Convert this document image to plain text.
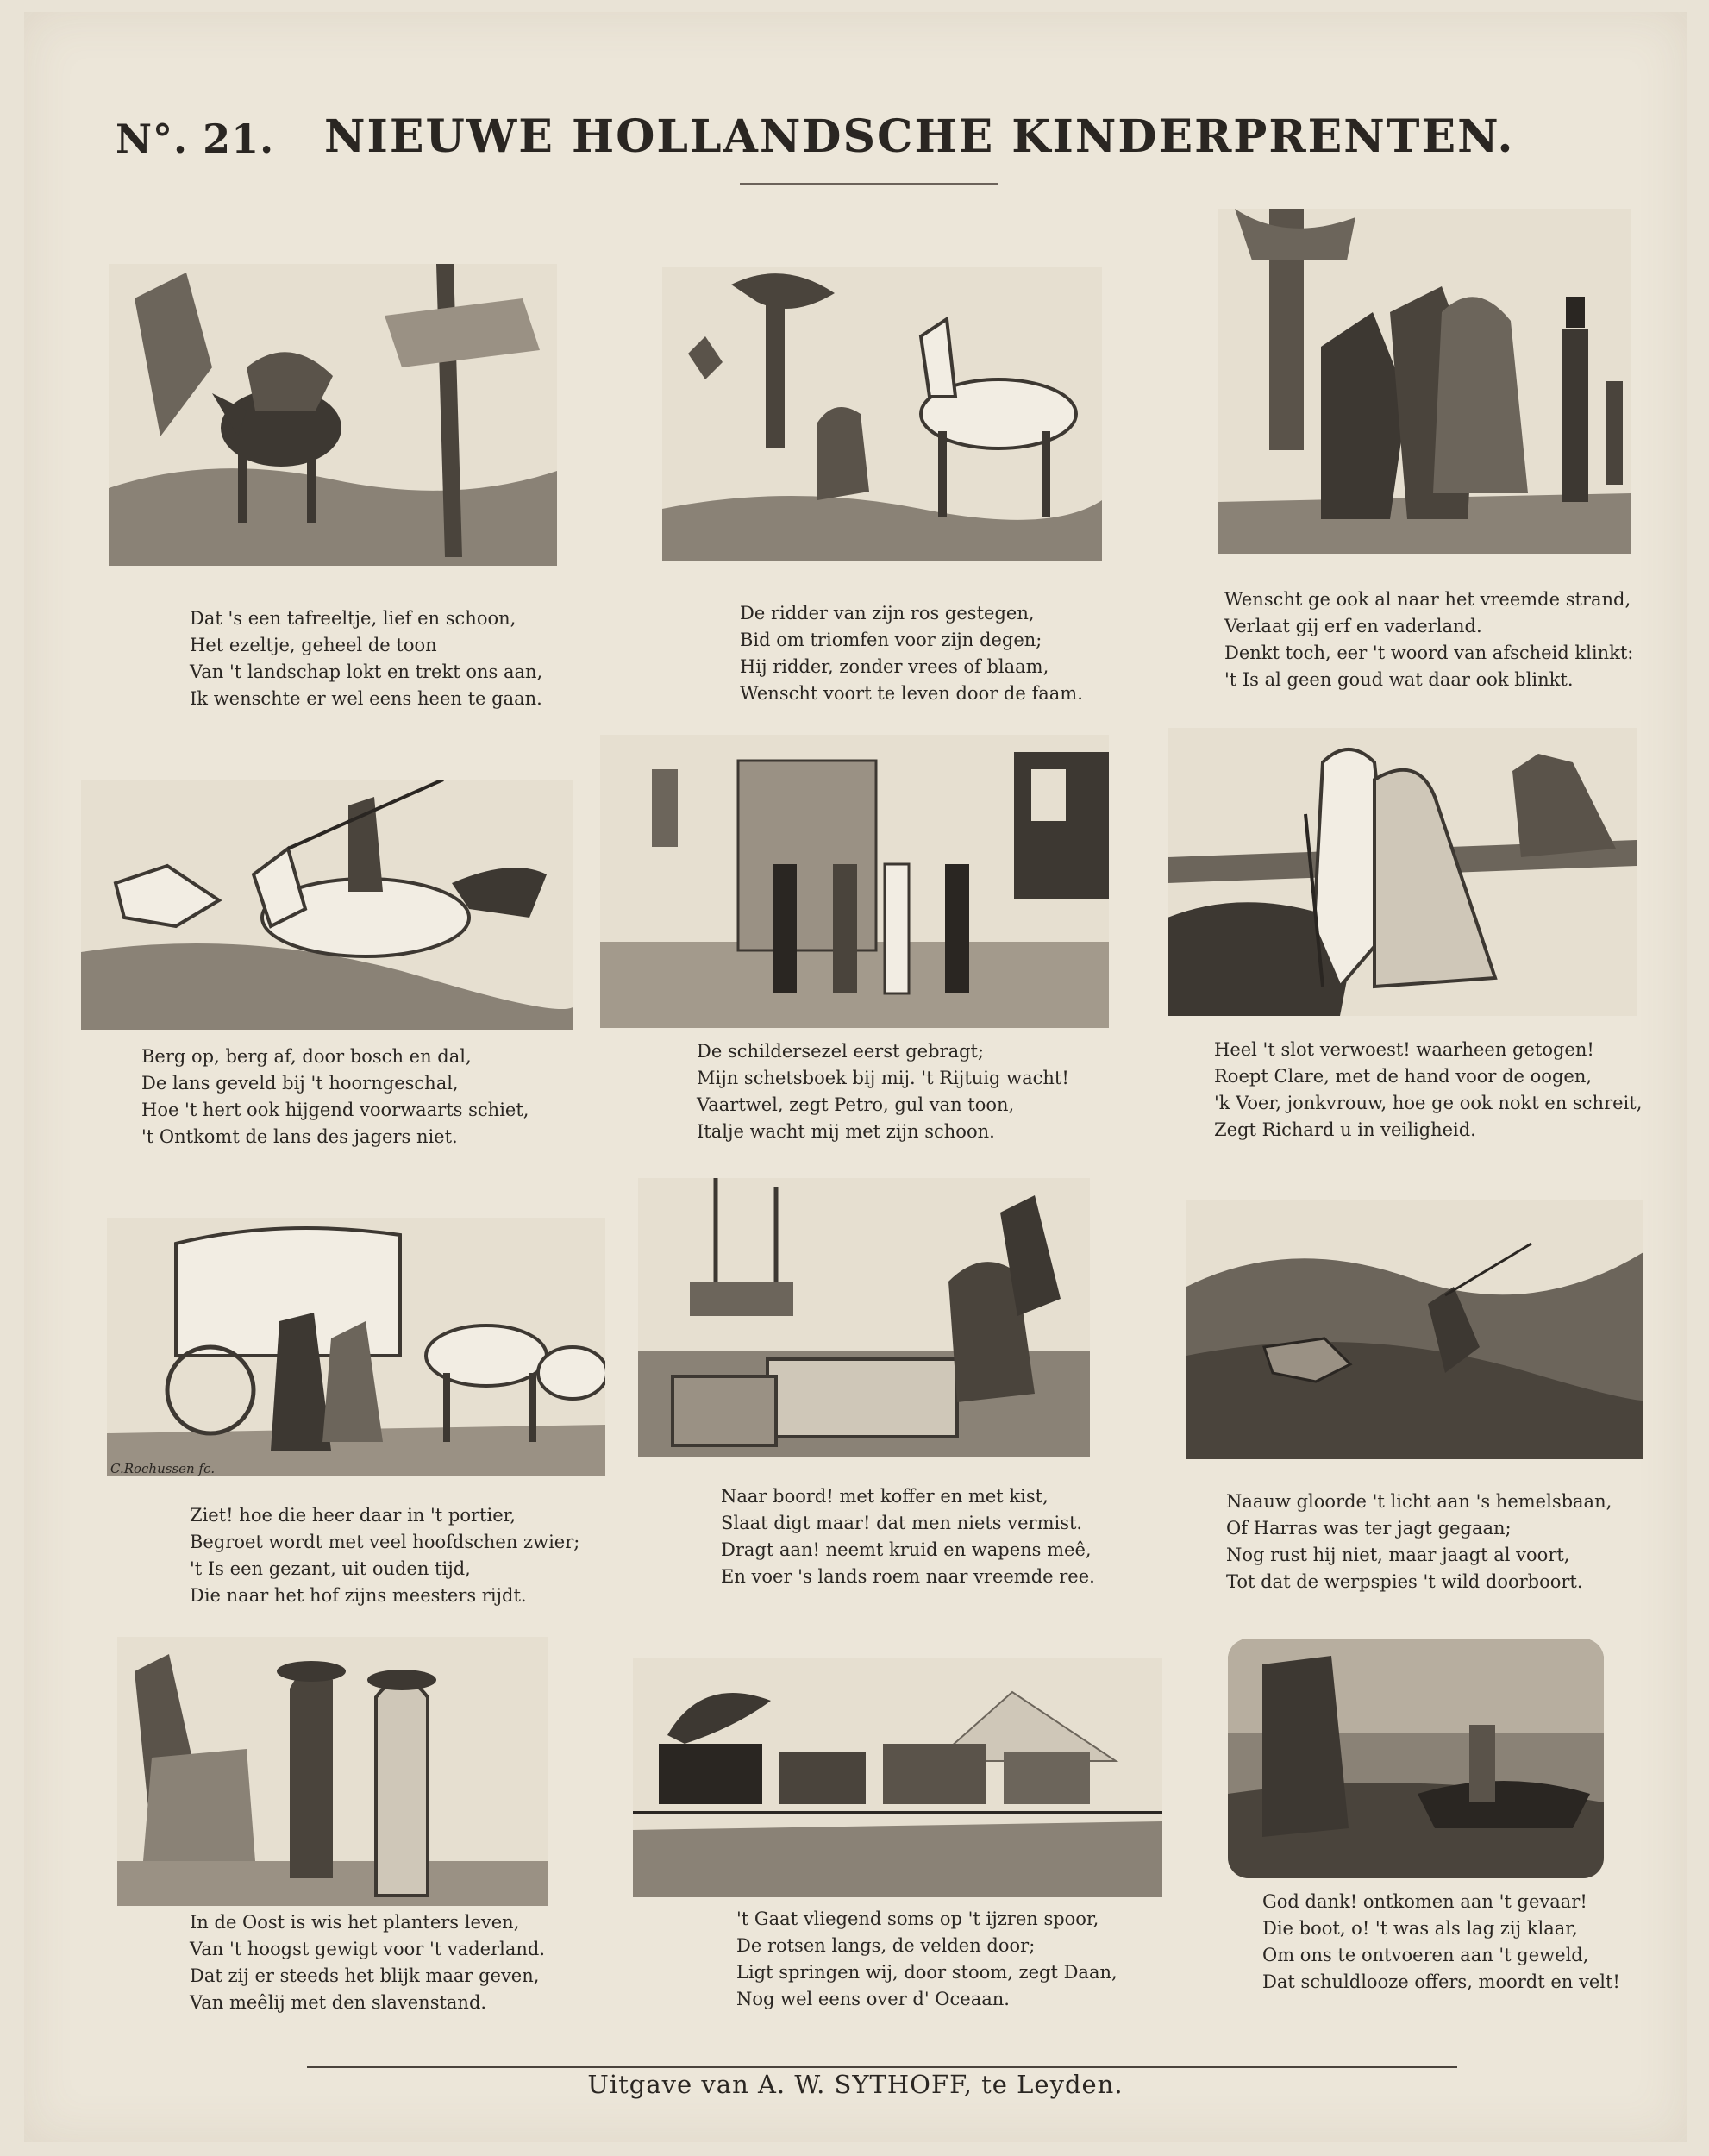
N°. 21. NIEUWE HOLLANDSCHE KINDERPRENTEN.
Dat 's een tafreeltje, lief en schoon,
Het ezeltje, geheel de toon
Van 't landschap lokt en trekt ons aan,
Ik wenschte er wel eens heen te gaan.
De ridder van zijn ros gestegen,
Bid om triomfen voor zijn degen;
Hij ridder, zonder vrees of blaam,
Wenscht voort te leven door de faam.
Wenscht ge ook al naar het vreemde strand,
Verlaat gij erf en vaderland.
Denkt toch, eer 't woord van afscheid klinkt:
't Is al geen goud wat daar ook blinkt.
Berg op, berg af, door bosch en dal,
De lans geveld bij 't hoorngeschal,
Hoe 't hert ook hijgend voorwaarts schiet,
't Ontkomt de lans des jagers niet.
De schildersezel eerst gebragt;
Mijn schetsboek bij mij. 't Rijtuig wacht!
Vaartwel, zegt Petro, gul van toon,
Italje wacht mij met zijn schoon.
Heel 't slot verwoest! waarheen getogen!
Roept Clare, met de hand voor de oogen,
'k Voer, jonkvrouw, hoe ge ook nokt en schreit,
Zegt Richard u in veiligheid.
C.Rochussen fc.
Ziet! hoe die heer daar in 't portier,
Begroet wordt met veel hoofdschen zwier;
't Is een gezant, uit ouden tijd,
Die naar het hof zijns meesters rijdt.
Naar boord! met koffer en met kist,
Slaat digt maar! dat men niets vermist.
Dragt aan! neemt kruid en wapens meê,
En voer 's lands roem naar vreemde ree.
Naauw gloorde 't licht aan 's hemelsbaan,
Of Harras was ter jagt gegaan;
Nog rust hij niet, maar jaagt al voort,
Tot dat de werpspies 't wild doorboort.
In de Oost is wis het planters leven,
Van 't hoogst gewigt voor 't vaderland.
Dat zij er steeds het blijk maar geven,
Van meêlij met den slavenstand.
't Gaat vliegend soms op 't ijzren spoor,
De rotsen langs, de velden door;
Ligt springen wij, door stoom, zegt Daan,
Nog wel eens over d' Oceaan.
God dank! ontkomen aan 't gevaar!
Die boot, o! 't was als lag zij klaar,
Om ons te ontvoeren aan 't geweld,
Dat schuldlooze offers, moordt en velt!
Uitgave van A. W. SYTHOFF, te Leyden.
